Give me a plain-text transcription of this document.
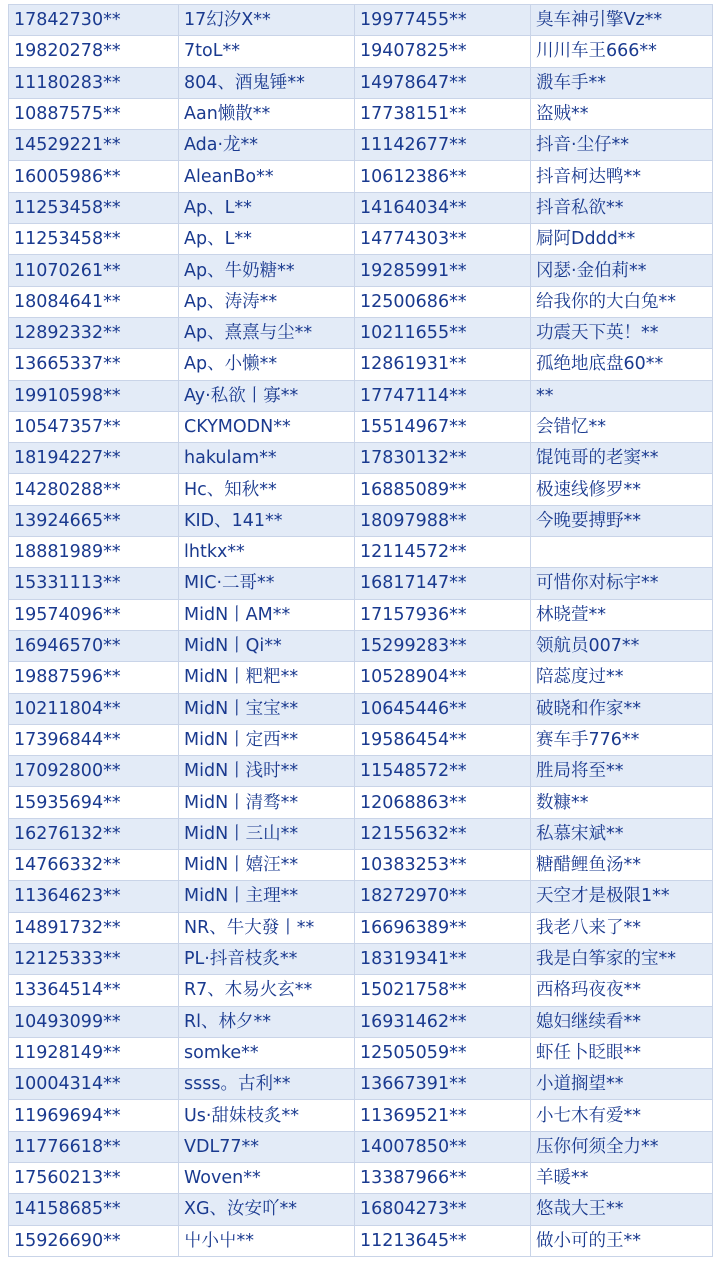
17842730**	17幻汐X**	19977455**	臭车神引擎Vz**
19820278**	7toL**	19407825**	川川车王666**
11180283**	804、酒鬼锤**	14978647**	溵车手**
10887575**	Aan懒散**	17738151**	盗贼**
14529221**	Ada·龙**	11142677**	抖音·尘仔**
16005986**	AleanBo**	10612386**	抖音柯达鸭**
11253458**	Ap、L**	14164034**	抖音私欲**
11253458**	Ap、L**	14774303**	屙阿Dddd**
11070261**	Ap、牛奶糖**	19285991**	冈瑟·金伯莉**
18084641**	Ap、涛涛**	12500686**	给我你的大白兔**
12892332**	Ap、熹熹与尘**	10211655**	功震天下英！**
13665337**	Ap、小懒**	12861931**	孤绝地底盘60**
19910598**	Ay·私欲丨寡**	17747114**	**
10547357**	CKYMODN**	15514967**	会错忆**
18194227**	hakulam**	17830132**	馄饨哥的老窦**
14280288**	Hc、知秋**	16885089**	极速线修罗**
13924665**	KID、141**	18097988**	今晚要搏野**
18881989**	lhtkx**	12114572**	
15331113**	MIC·二哥**	16817147**	可惜你对标宇**
19574096**	MidN丨AM**	17157936**	林晓萱**
16946570**	MidN丨Qi**	15299283**	领航员007**
19887596**	MidN丨粑粑**	10528904**	陪蕊度过**
10211804**	MidN丨宝宝**	10645446**	破晓和作家**
17396844**	MidN丨定西**	19586454**	赛车手776**
17092800**	MidN丨浅时**	11548572**	胜局将至**
15935694**	MidN丨清骛**	12068863**	数糠**
16276132**	MidN丨三山**	12155632**	私慕宋斌**
14766332**	MidN丨嬉汪**	10383253**	糖醋鲤鱼汤**
11364623**	MidN丨主理**	18272970**	天空才是极限1**
14891732**	NR、牛大發丨**	16696389**	我老八来了**
12125333**	PL·抖音枝炙**	18319341**	我是白筝家的宝**
13364514**	R7、木易火玄**	15021758**	西格玛夜夜**
10493099**	Rl、林夕**	16931462**	媳妇继续看**
11928149**	somke**	12505059**	虾任卜眨眼**
10004314**	ssss。古利**	13667391**	小道搁望**
11969694**	Us·甜妹枝炙**	11369521**	小七木有爱**
11776618**	VDL77**	14007850**	压你何须全力**
17560213**	Woven**	13387966**	羊暖**
14158685**	XG、汝安吖**	16804273**	悠哉大王**
15926690**	屮小屮**	11213645**	做小可的王**
